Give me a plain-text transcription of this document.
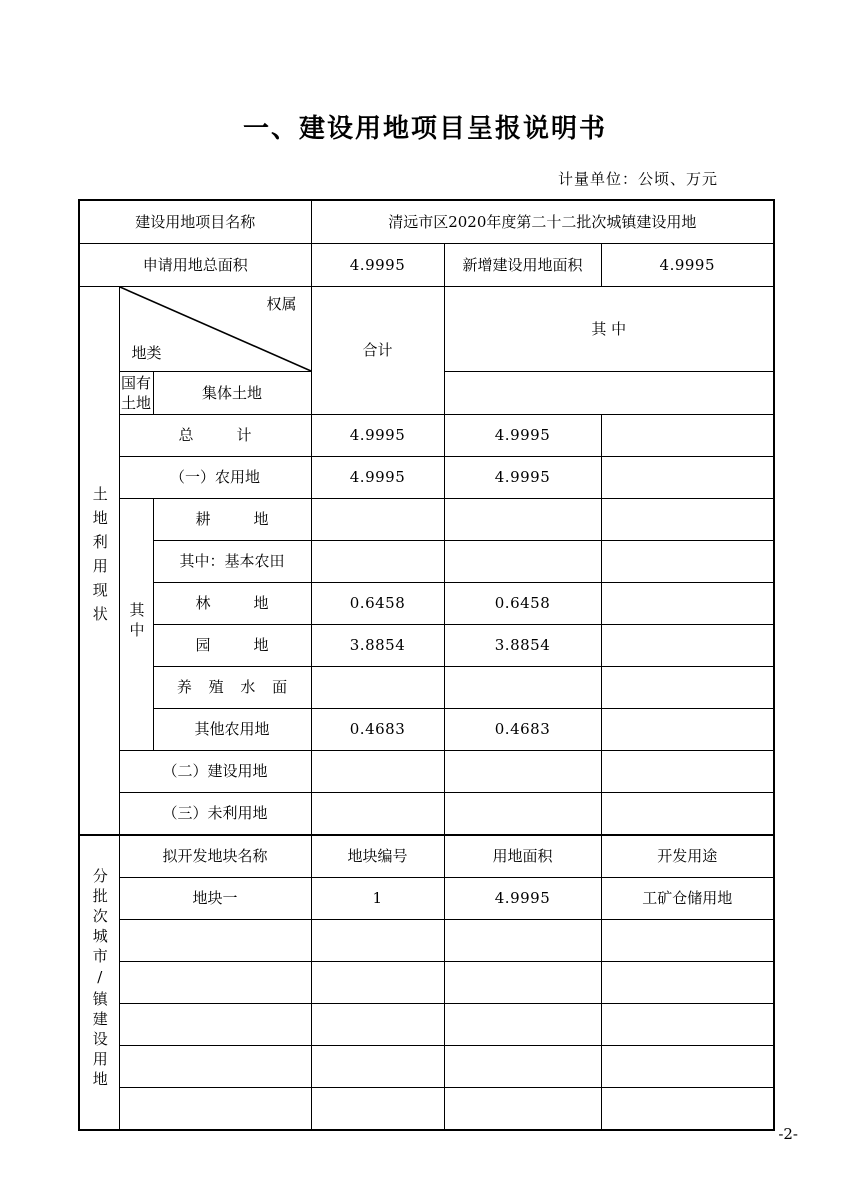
一、建设用地项目呈报说明书
计量单位：公顷、万元
建设用地项目名称			清远市区2020年度第二十二批次城镇建设用地		
申请用地总面积			4.9995	新增建设用地面积	4.9995
土地利用现状	权属
地类		合计	其 中	
	国有土地	集体土地			
	总　计		4.9995	4.9995	
	（一）农用地		4.9995	4.9995	
	其中	耕　地			
		其中：基本农田			
		林　地	0.6458	0.6458	
		园　地	3.8854	3.8854	
		养 殖 水 面			
		其他农用地	0.4683	0.4683	
	（二）建设用地				
	（三）未利用地				
分批次城市/镇建设用地	拟开发地块名称		地块编号	用地面积	开发用途
	地块一		1	4.9995	工矿仓储用地

-2-
